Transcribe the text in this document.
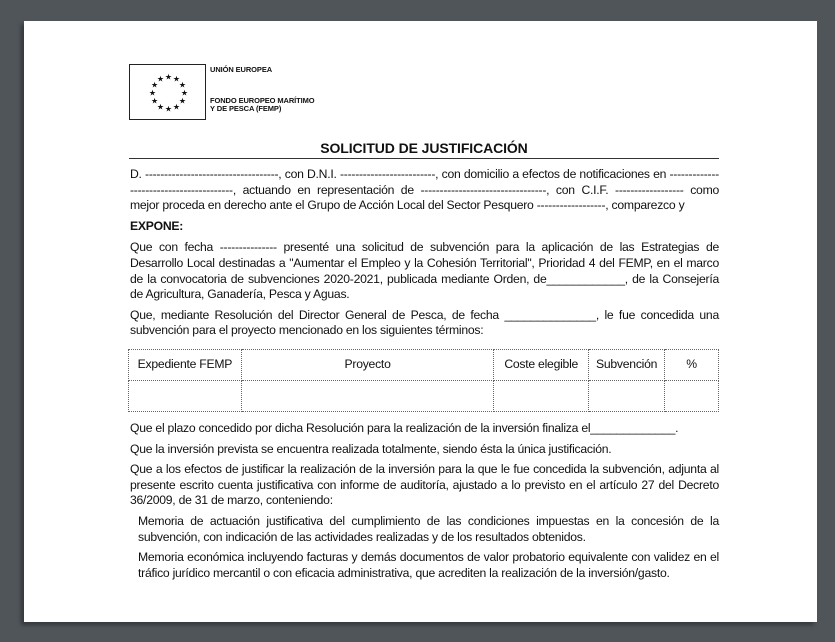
★ ★
★
★
★
★
★
★
★
★
★
★
UNIÓN EUROPEA
FONDO EUROPEO MARÍTIMO
Y DE PESCA (FEMP)
SOLICITUD DE JUSTIFICACIÓN

D. -----------------------------------, con D.N.I. -------------------------, con domicilio a efectos de notificaciones en ----------------------------------------, actuando en representación de ---------------------------------, con C.I.F. ------------------ como mejor proceda en derecho ante el Grupo de Acción Local del Sector Pesquero ------------------, comparezco y

EXPONE:

Que con fecha --------------- presenté una solicitud de subvención para la aplicación de las Estrategias de Desarrollo Local destinadas a "Aumentar el Empleo y la Cohesión Territorial", Prioridad 4 del FEMP, en el marco de la convocatoria de subvenciones 2020-2021, publicada mediante Orden, de____________, de la Consejería de Agricultura, Ganadería, Pesca y Aguas.

Que, mediante Resolución del Director General de Pesca, de fecha ______________, le fue concedida una subvención para el proyecto mencionado en los siguientes términos:

Expediente FEMP	Proyecto	Coste elegible	Subvención	%

Que el plazo concedido por dicha Resolución para la realización de la inversión finaliza el_____________.

Que la inversión prevista se encuentra realizada totalmente, siendo ésta la única justificación.

Que a los efectos de justificar la realización de la inversión para la que le fue concedida la subvención, adjunta al presente escrito cuenta justificativa con informe de auditoría, ajustado a lo previsto en el artículo 27 del Decreto 36/2009, de 31 de marzo, conteniendo:

Memoria de actuación justificativa del cumplimiento de las condiciones impuestas en la concesión de la subvención, con indicación de las actividades realizadas y de los resultados obtenidos.

Memoria económica incluyendo facturas y demás documentos de valor probatorio equivalente con validez en el tráfico jurídico mercantil o con eficacia administrativa, que acrediten la realización de la inversión/gasto.
